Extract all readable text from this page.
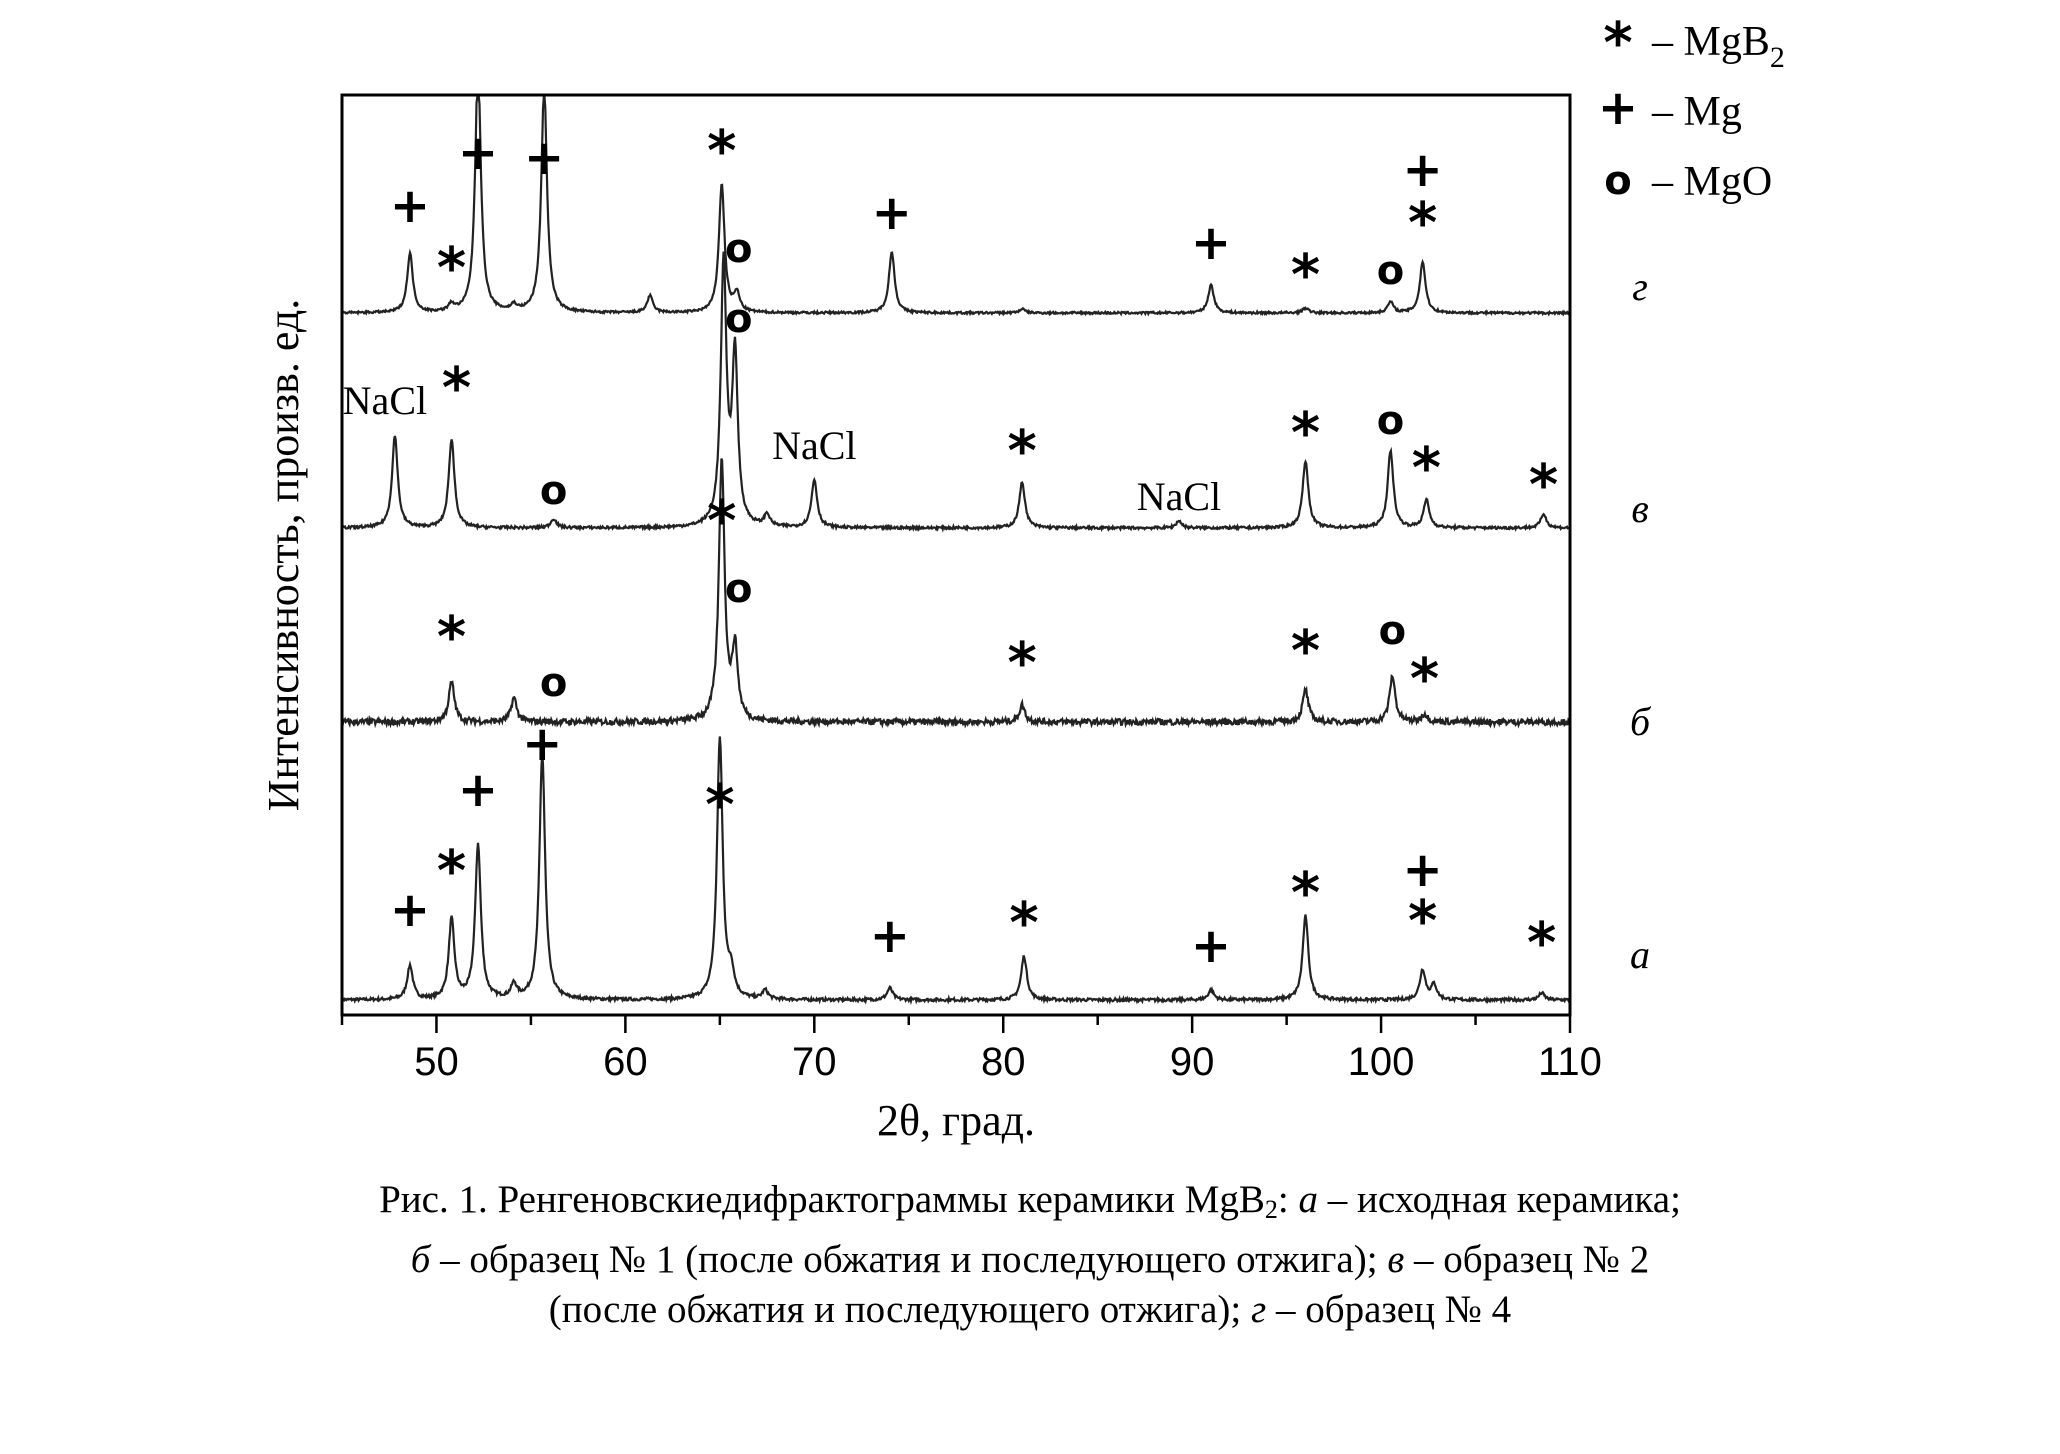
50	60	70	80	90	100	110
+
*
+
+
*
+ *	+
* +
* *
*
o
*
o
*	* o
*
NaCl *
o
o
NaCl	*
NaCl
* o
* *
+
*
+ +	*
o
+
+ * o
*
+
а
б
в
г
2θ, град.
Интенсивность, произв. ед.
* – MgB$_2$
+ – Mg
o – MgO
Рис. 1. Ренгеновскиедифрактограммы керамики MgB$_2$: а – исходная керамика;
б – образец № 1 (после обжатия и последующего отжига); в – образец № 2
(после обжатия и последующего отжига); г – образец № 4
